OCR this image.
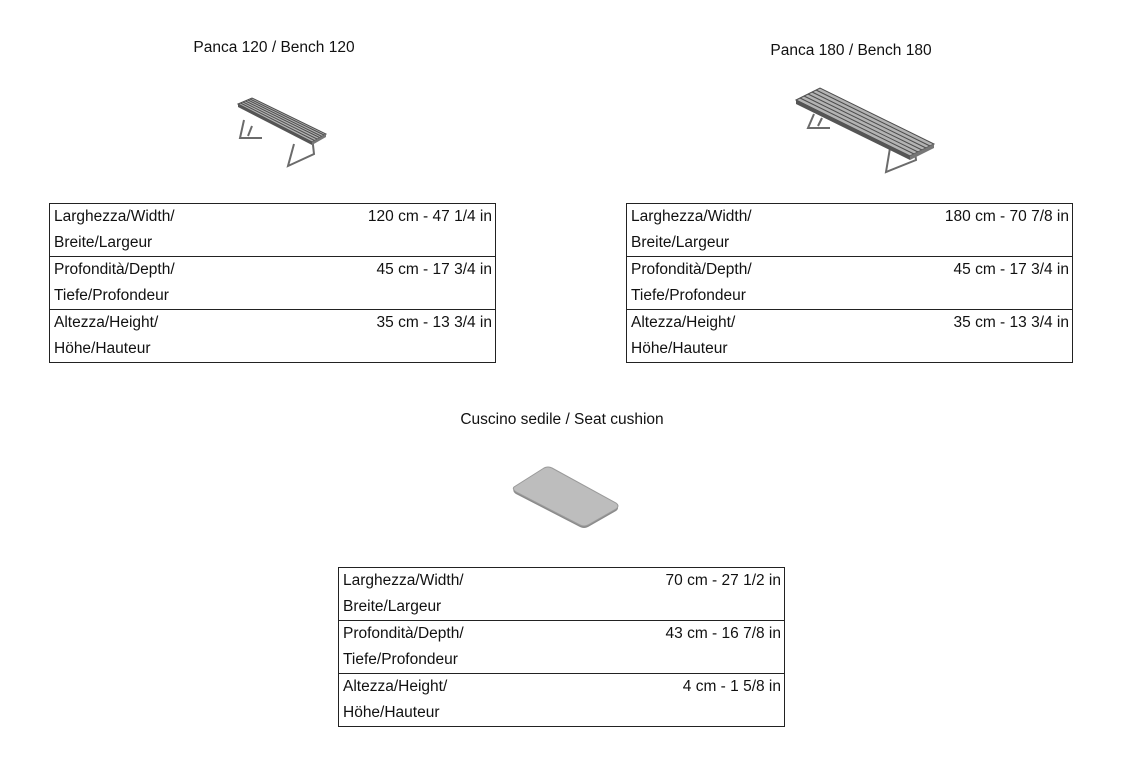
Panca 120 / Bench 120
Larghezza/Width/
Breite/Largeur	120 cm - 47 1/4 in

Profondità/Depth/
Tiefe/Profondeur	45 cm - 17 3/4 in

Altezza/Height/
Höhe/Hauteur	35 cm - 13 3/4 in
Panca 180 / Bench 180
Larghezza/Width/
Breite/Largeur	180 cm - 70 7/8 in

Profondità/Depth/
Tiefe/Profondeur	45 cm - 17 3/4 in

Altezza/Height/
Höhe/Hauteur	35 cm - 13 3/4 in
Cuscino sedile / Seat cushion
Larghezza/Width/
Breite/Largeur	70 cm - 27 1/2 in

Profondità/Depth/
Tiefe/Profondeur	43 cm - 16 7/8 in

Altezza/Height/
Höhe/Hauteur	4 cm - 1 5/8 in
